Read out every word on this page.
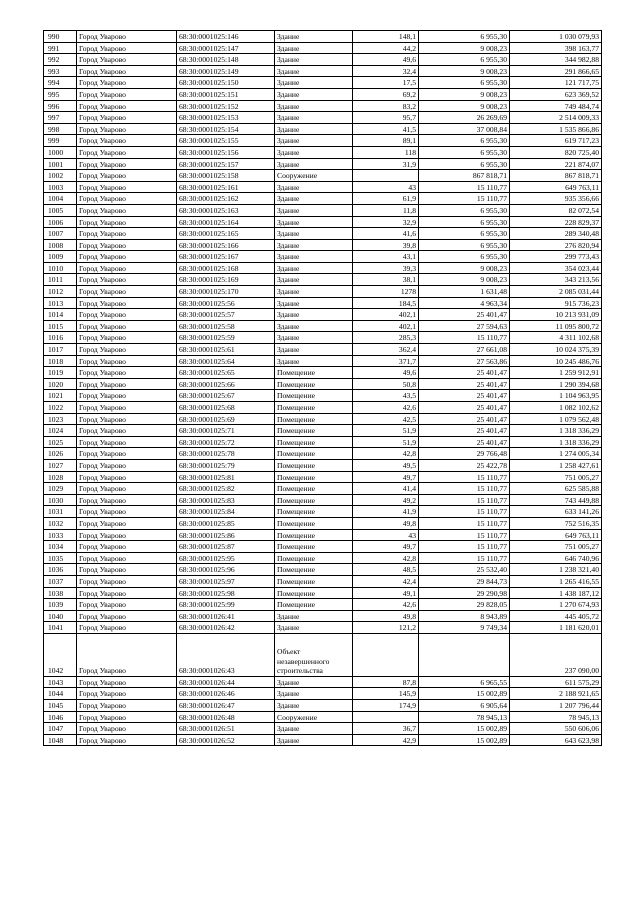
990	Город Уварово	68:30:0001025:146	Здание	148,1	6 955,30	1 030 079,93
991	Город Уварово	68:30:0001025:147	Здание	44,2	9 008,23	398 163,77
992	Город Уварово	68:30:0001025:148	Здание	49,6	6 955,30	344 982,88
993	Город Уварово	68:30:0001025:149	Здание	32,4	9 008,23	291 866,65
994	Город Уварово	68:30:0001025:150	Здание	17,5	6 955,30	121 717,75
995	Город Уварово	68:30:0001025:151	Здание	69,2	9 008,23	623 369,52
996	Город Уварово	68:30:0001025:152	Здание	83,2	9 008,23	749 484,74
997	Город Уварово	68:30:0001025:153	Здание	95,7	26 269,69	2 514 009,33
998	Город Уварово	68:30:0001025:154	Здание	41,5	37 008,84	1 535 866,86
999	Город Уварово	68:30:0001025:155	Здание	89,1	6 955,30	619 717,23
1000	Город Уварово	68:30:0001025:156	Здание	118	6 955,30	820 725,40
1001	Город Уварово	68:30:0001025:157	Здание	31,9	6 955,30	221 874,07
1002	Город Уварово	68:30:0001025:158	Сооружение		867 818,71	867 818,71
1003	Город Уварово	68:30:0001025:161	Здание	43	15 110,77	649 763,11
1004	Город Уварово	68:30:0001025:162	Здание	61,9	15 110,77	935 356,66
1005	Город Уварово	68:30:0001025:163	Здание	11,8	6 955,30	82 072,54
1006	Город Уварово	68:30:0001025:164	Здание	32,9	6 955,30	228 829,37
1007	Город Уварово	68:30:0001025:165	Здание	41,6	6 955,30	289 340,48
1008	Город Уварово	68:30:0001025:166	Здание	39,8	6 955,30	276 820,94
1009	Город Уварово	68:30:0001025:167	Здание	43,1	6 955,30	299 773,43
1010	Город Уварово	68:30:0001025:168	Здание	39,3	9 008,23	354 023,44
1011	Город Уварово	68:30:0001025:169	Здание	38,1	9 008,23	343 213,56
1012	Город Уварово	68:30:0001025:170	Здание	1278	1 631,48	2 085 031,44
1013	Город Уварово	68:30:0001025:56	Здание	184,5	4 963,34	915 736,23
1014	Город Уварово	68:30:0001025:57	Здание	402,1	25 401,47	10 213 931,09
1015	Город Уварово	68:30:0001025:58	Здание	402,1	27 594,63	11 095 800,72
1016	Город Уварово	68:30:0001025:59	Здание	285,3	15 110,77	4 311 102,68
1017	Город Уварово	68:30:0001025:61	Здание	362,4	27 661,08	10 024 375,39
1018	Город Уварово	68:30:0001025:64	Здание	371,7	27 563,86	10 245 486,76
1019	Город Уварово	68:30:0001025:65	Помещение	49,6	25 401,47	1 259 912,91
1020	Город Уварово	68:30:0001025:66	Помещение	50,8	25 401,47	1 290 394,68
1021	Город Уварово	68:30:0001025:67	Помещение	43,5	25 401,47	1 104 963,95
1022	Город Уварово	68:30:0001025:68	Помещение	42,6	25 401,47	1 082 102,62
1023	Город Уварово	68:30:0001025:69	Помещение	42,5	25 401,47	1 079 562,48
1024	Город Уварово	68:30:0001025:71	Помещение	51,9	25 401,47	1 318 336,29
1025	Город Уварово	68:30:0001025:72	Помещение	51,9	25 401,47	1 318 336,29
1026	Город Уварово	68:30:0001025:78	Помещение	42,8	29 766,48	1 274 005,34
1027	Город Уварово	68:30:0001025:79	Помещение	49,5	25 422,78	1 258 427,61
1028	Город Уварово	68:30:0001025:81	Помещение	49,7	15 110,77	751 005,27
1029	Город Уварово	68:30:0001025:82	Помещение	41,4	15 110,77	625 585,88
1030	Город Уварово	68:30:0001025:83	Помещение	49,2	15 110,77	743 449,88
1031	Город Уварово	68:30:0001025:84	Помещение	41,9	15 110,77	633 141,26
1032	Город Уварово	68:30:0001025:85	Помещение	49,8	15 110,77	752 516,35
1033	Город Уварово	68:30:0001025:86	Помещение	43	15 110,77	649 763,11
1034	Город Уварово	68:30:0001025:87	Помещение	49,7	15 110,77	751 005,27
1035	Город Уварово	68:30:0001025:95	Помещение	42,8	15 110,77	646 740,96
1036	Город Уварово	68:30:0001025:96	Помещение	48,5	25 532,40	1 238 321,40
1037	Город Уварово	68:30:0001025:97	Помещение	42,4	29 844,73	1 265 416,55
1038	Город Уварово	68:30:0001025:98	Помещение	49,1	29 290,98	1 438 187,12
1039	Город Уварово	68:30:0001025:99	Помещение	42,6	29 828,05	1 270 674,93
1040	Город Уварово	68:30:0001026:41	Здание	49,8	8 943,89	445 405,72
1041	Город Уварово	68:30:0001026:42	Здание	121,2	9 749,34	1 181 620,01
1042	Город Уварово	68:30:0001026:43	Объект незавершенного строительства			237 090,00
1043	Город Уварово	68:30:0001026:44	Здание	87,8	6 965,55	611 575,29
1044	Город Уварово	68:30:0001026:46	Здание	145,9	15 002,89	2 188 921,65
1045	Город Уварово	68:30:0001026:47	Здание	174,9	6 905,64	1 207 796,44
1046	Город Уварово	68:30:0001026:48	Сооружение		78 945,13	78 945,13
1047	Город Уварово	68:30:0001026:51	Здание	36,7	15 002,89	550 606,06
1048	Город Уварово	68:30:0001026:52	Здание	42,9	15 002,89	643 623,98
